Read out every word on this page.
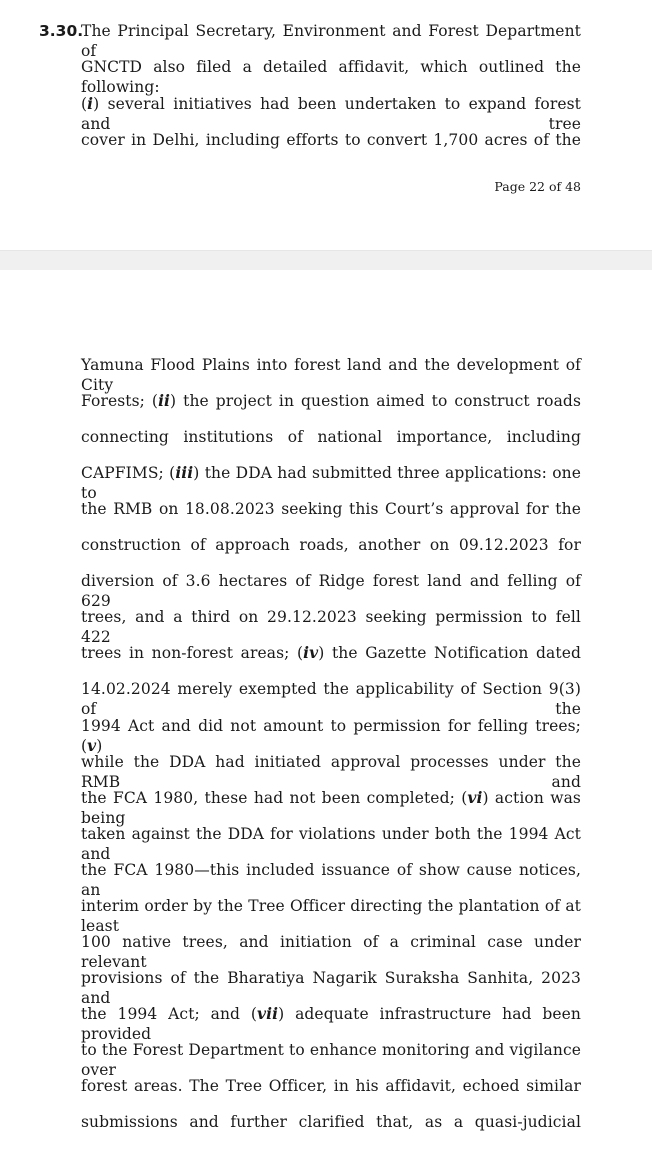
3.30.
The Principal Secretary, Environment and Forest Department of
GNCTD also filed a detailed affidavit, which outlined the following:
(i) several initiatives had been undertaken to expand forest and tree
cover in Delhi, including efforts to convert 1,700 acres of the
Page 22 of 48
Yamuna Flood Plains into forest land and the development of City
Forests; (ii) the project in question aimed to construct roads
connecting institutions of national importance, including
CAPFIMS; (iii) the DDA had submitted three applications: one to
the RMB on 18.08.2023 seeking this Court’s approval for the
construction of approach roads, another on 09.12.2023 for
diversion of 3.6 hectares of Ridge forest land and felling of 629
trees, and a third on 29.12.2023 seeking permission to fell 422
trees in non-forest areas; (iv) the Gazette Notification dated
14.02.2024 merely exempted the applicability of Section 9(3) of the
1994 Act and did not amount to permission for felling trees; (v)
while the DDA had initiated approval processes under the RMB and
the FCA 1980, these had not been completed; (vi) action was being
taken against the DDA for violations under both the 1994 Act and
the FCA 1980—this included issuance of show cause notices, an
interim order by the Tree Officer directing the plantation of at least
100 native trees, and initiation of a criminal case under relevant
provisions of the Bharatiya Nagarik Suraksha Sanhita, 2023 and
the 1994 Act; and (vii) adequate infrastructure had been provided
to the Forest Department to enhance monitoring and vigilance over
forest areas. The Tree Officer, in his affidavit, echoed similar
submissions and further clarified that, as a quasi-judicial
